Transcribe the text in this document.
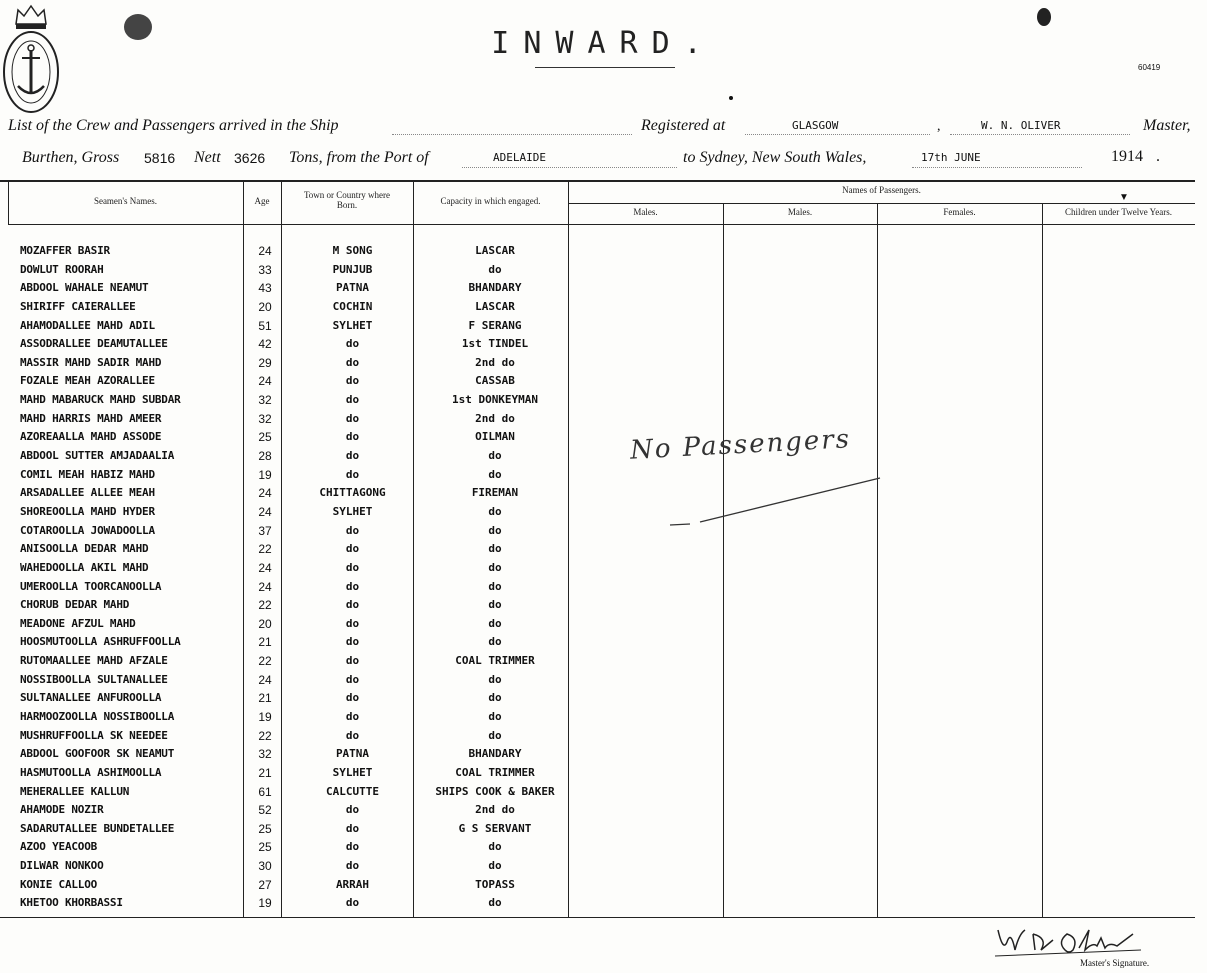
INWARD.
60419
List of the Crew and Passengers arrived in the Ship	Registered at	GLASGOW	,	W. N. OLIVER	Master,
Burthen, Gross 5816 Nett 3626 Tons, from the Port of	ADELAIDE	to Sydney, New South Wales,	17th JUNE	1914 .
Seamen's Names.	Age
Town or Country where Born.	Capacity in which engaged.
Names of Passengers.
Males.	Males.	Females.	Children under Twelve Years.
▼
MOZAFFER BASIR	24	M SONG	LASCAR
DOWLUT ROORAH	33	PUNJUB	do
ABDOOL WAHALE NEAMUT	43	PATNA	BHANDARY
SHIRIFF CAIERALLEE	20	COCHIN	LASCAR
AHAMODALLEE MAHD ADIL	51	SYLHET	F SERANG
ASSODRALLEE DEAMUTALLEE	42	do	1st TINDEL
MASSIR MAHD SADIR MAHD	29	do	2nd do
FOZALE MEAH AZORALLEE	24	do	CASSAB
MAHD MABARUCK MAHD SUBDAR	32	do	1st DONKEYMAN
MAHD HARRIS MAHD AMEER	32	do	2nd do
AZOREAALLA MAHD ASSODE	25	do	OILMAN
ABDOOL SUTTER AMJADAALIA	28	do	do
COMIL MEAH HABIZ MAHD	19	do	do
ARSADALLEE ALLEE MEAH	24	CHITTAGONG	FIREMAN
SHOREOOLLA MAHD HYDER	24	SYLHET	do
COTAROOLLA JOWADOOLLA	37	do	do
ANISOOLLA DEDAR MAHD	22	do	do
WAHEDOOLLA AKIL MAHD	24	do	do
UMEROOLLA TOORCANOOLLA	24	do	do
CHORUB DEDAR MAHD	22	do	do
MEADONE AFZUL MAHD	20	do	do
HOOSMUTOOLLA ASHRUFFOOLLA	21	do	do
RUTOMAALLEE MAHD AFZALE	22	do	COAL TRIMMER
NOSSIBOOLLA SULTANALLEE	24	do	do
SULTANALLEE ANFUROOLLA	21	do	do
HARMOOZOOLLA NOSSIBOOLLA	19	do	do
MUSHRUFFOOLLA SK NEEDEE	22	do	do
ABDOOL GOOFOOR SK NEAMUT	32	PATNA	BHANDARY
HASMUTOOLLA ASHIMOOLLA	21	SYLHET	COAL TRIMMER
MEHERALLEE KALLUN	61	CALCUTTE	SHIPS COOK & BAKER
AHAMODE NOZIR	52	do	2nd do
SADARUTALLEE BUNDETALLEE	25	do	G S SERVANT
AZOO YEACOOB	25	do	do
DILWAR NONKOO	30	do	do
KONIE CALLOO	27	ARRAH	TOPASS
KHETOO KHORBASSI	19	do	do
No Passengers
Master's Signature.
